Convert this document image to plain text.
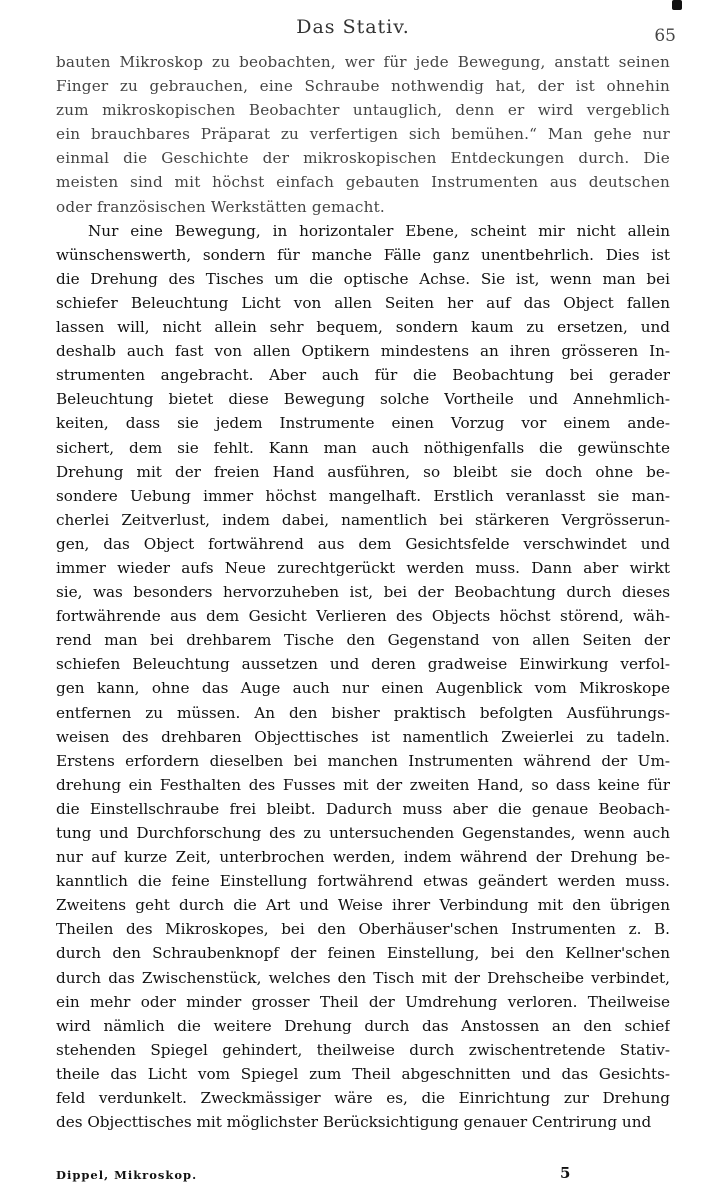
Das Stativ.	65

bauten Mikroskop zu beobachten, wer für jede Bewegung, anstatt seinen
Finger zu gebrauchen, eine Schraube nothwendig hat, der ist ohnehin
zum mikroskopischen Beobachter untauglich, denn er wird vergeblich
ein brauchbares Präparat zu verfertigen sich bemühen.“ Man gehe nur
einmal die Geschichte der mikroskopischen Entdeckungen durch. Die
meisten sind mit höchst einfach gebauten Instrumenten aus deutschen
oder französischen Werkstätten gemacht.

Nur eine Bewegung, in horizontaler Ebene, scheint mir nicht allein
wünschenswerth, sondern für manche Fälle ganz unentbehrlich. Dies ist
die Drehung des Tisches um die optische Achse. Sie ist, wenn man bei
schiefer Beleuchtung Licht von allen Seiten her auf das Object fallen
lassen will, nicht allein sehr bequem, sondern kaum zu ersetzen, und
deshalb auch fast von allen Optikern mindestens an ihren grösseren In-
strumenten angebracht. Aber auch für die Beobachtung bei gerader
Beleuchtung bietet diese Bewegung solche Vortheile und Annehmlich-
keiten, dass sie jedem Instrumente einen Vorzug vor einem ande-
sichert, dem sie fehlt. Kann man auch nöthigenfalls die gewünschte
Drehung mit der freien Hand ausführen, so bleibt sie doch ohne be-
sondere Uebung immer höchst mangelhaft. Erstlich veranlasst sie man-
cherlei Zeitverlust, indem dabei, namentlich bei stärkeren Vergrösserun-
gen, das Object fortwährend aus dem Gesichtsfelde verschwindet und
immer wieder aufs Neue zurechtgerückt werden muss. Dann aber wirkt
sie, was besonders hervorzuheben ist, bei der Beobachtung durch dieses
fortwährende aus dem Gesicht Verlieren des Objects höchst störend, wäh-
rend man bei drehbarem Tische den Gegenstand von allen Seiten der
schiefen Beleuchtung aussetzen und deren gradweise Einwirkung verfol-
gen kann, ohne das Auge auch nur einen Augenblick vom Mikroskope
entfernen zu müssen. An den bisher praktisch befolgten Ausführungs-
weisen des drehbaren Objecttisches ist namentlich Zweierlei zu tadeln.
Erstens erfordern dieselben bei manchen Instrumenten während der Um-
drehung ein Festhalten des Fusses mit der zweiten Hand, so dass keine für
die Einstellschraube frei bleibt. Dadurch muss aber die genaue Beobach-
tung und Durchforschung des zu untersuchenden Gegenstandes, wenn auch
nur auf kurze Zeit, unterbrochen werden, indem während der Drehung be-
kanntlich die feine Einstellung fortwährend etwas geändert werden muss.
Zweitens geht durch die Art und Weise ihrer Verbindung mit den übrigen
Theilen des Mikroskopes, bei den Oberhäuser'schen Instrumenten z. B.
durch den Schraubenknopf der feinen Einstellung, bei den Kellner'schen
durch das Zwischenstück, welches den Tisch mit der Drehscheibe verbindet,
ein mehr oder minder grosser Theil der Umdrehung verloren. Theilweise
wird nämlich die weitere Drehung durch das Anstossen an den schief
stehenden Spiegel gehindert, theilweise durch zwischentretende Stativ-
theile das Licht vom Spiegel zum Theil abgeschnitten und das Gesichts-
feld verdunkelt. Zweckmässiger wäre es, die Einrichtung zur Drehung
des Objecttisches mit möglichster Berücksichtigung genauer Centrirung und

Dippel, Mikroskop.	5
